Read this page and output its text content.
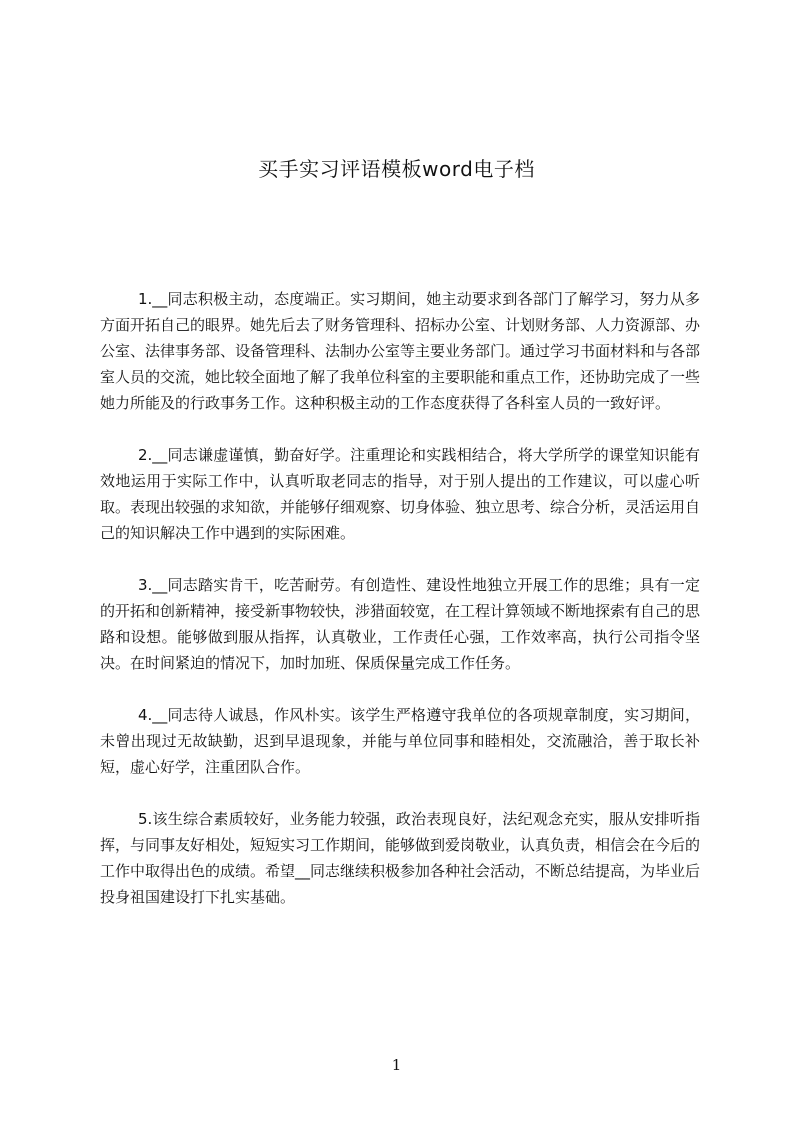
买手实习评语模板word电子档

1.__同志积极主动，态度端正。实习期间，她主动要求到各部门了解学习，努力从多方面开拓自己的眼界。她先后去了财务管理科、招标办公室、计划财务部、人力资源部、办公室、法律事务部、设备管理科、法制办公室等主要业务部门。通过学习书面材料和与各部室人员的交流，她比较全面地了解了我单位科室的主要职能和重点工作，还协助完成了一些她力所能及的行政事务工作。这种积极主动的工作态度获得了各科室人员的一致好评。

2.__同志谦虚谨慎，勤奋好学。注重理论和实践相结合，将大学所学的课堂知识能有效地运用于实际工作中，认真听取老同志的指导，对于别人提出的工作建议，可以虚心听取。表现出较强的求知欲，并能够仔细观察、切身体验、独立思考、综合分析，灵活运用自己的知识解决工作中遇到的实际困难。

3.__同志踏实肯干，吃苦耐劳。有创造性、建设性地独立开展工作的思维；具有一定的开拓和创新精神，接受新事物较快，涉猎面较宽，在工程计算领域不断地探索有自己的思路和设想。能够做到服从指挥，认真敬业，工作责任心强，工作效率高，执行公司指令坚决。在时间紧迫的情况下，加时加班、保质保量完成工作任务。

4.__同志待人诚恳，作风朴实。该学生严格遵守我单位的各项规章制度，实习期间，未曾出现过无故缺勤，迟到早退现象，并能与单位同事和睦相处，交流融洽，善于取长补短，虚心好学，注重团队合作。

5.该生综合素质较好，业务能力较强，政治表现良好，法纪观念充实，服从安排听指挥，与同事友好相处，短短实习工作期间，能够做到爱岗敬业，认真负责，相信会在今后的工作中取得出色的成绩。希望__同志继续积极参加各种社会活动，不断总结提高，为毕业后投身祖国建设打下扎实基础。

1
